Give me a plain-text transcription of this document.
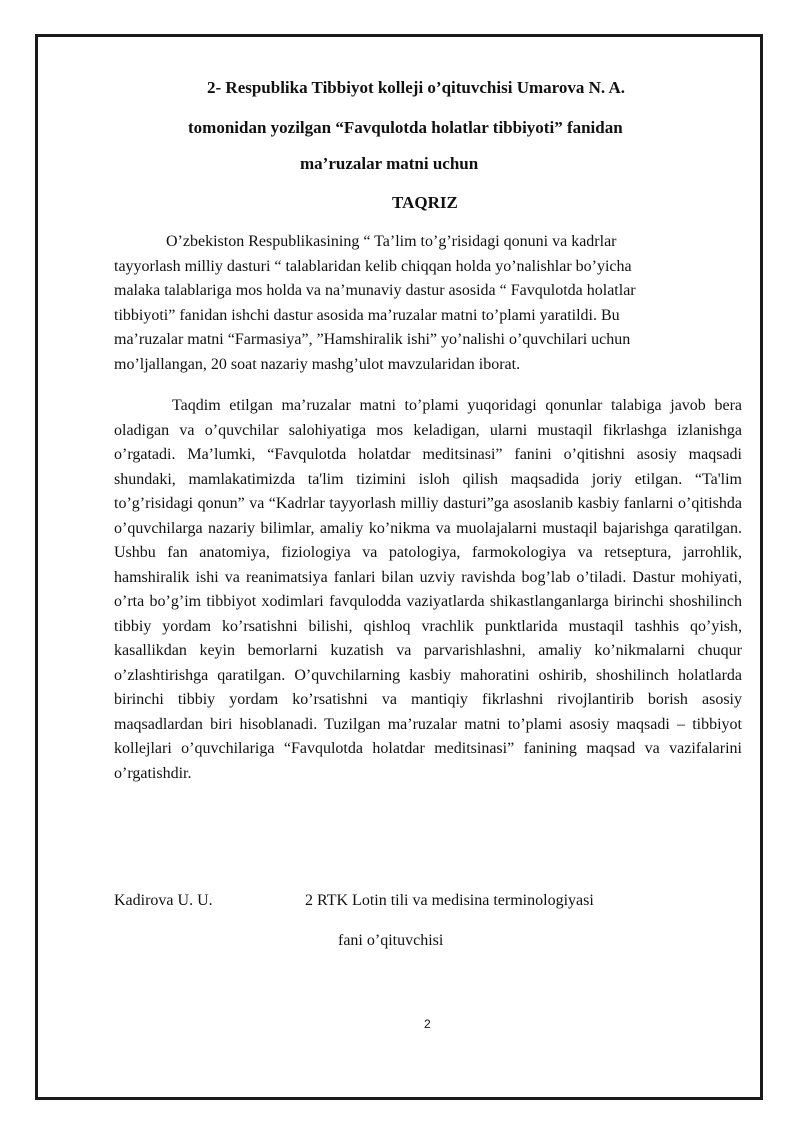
2- Respublika Tibbiyot kolleji o’qituvchisi Umarova N. A.
tomonidan yozilgan “Favqulotda holatlar tibbiyoti” fanidan
ma’ruzalar matni uchun
TAQRIZ
O’zbekiston Respublikasining “ Ta’lim to’g’risidagi qonuni va kadrlar
tayyorlash milliy dasturi “ talablaridan kelib chiqqan holda yo’nalishlar bo’yicha
malaka talablariga mos holda va na’munaviy dastur asosida “ Favqulotda holatlar
tibbiyoti” fanidan ishchi dastur asosida ma’ruzalar matni to’plami yaratildi. Bu
ma’ruzalar matni “Farmasiya”, ”Hamshiralik ishi” yo’nalishi o’quvchilari uchun
mo’ljallangan, 20 soat nazariy mashg’ulot mavzularidan iborat.
Taqdim etilgan ma’ruzalar matni to’plami yuqoridagi qonunlar talabiga javob bera oladigan va o’quvchilar salohiyatiga mos keladigan, ularni mustaqil fikrlashga izlanishga o’rgatadi. Ma’lumki, “Favqulotda holatdar meditsinasi” fanini o’qitishni asosiy maqsadi shundaki, mamlakatimizda ta'lim tizimini isloh qilish maqsadida joriy etilgan. “Ta'lim to’g’risidagi qonun” va “Kadrlar tayyorlash milliy dasturi”ga asoslanib kasbiy fanlarni o’qitishda o’quvchilarga nazariy bilimlar, amaliy ko’nikma va muolajalarni mustaqil bajarishga qaratilgan. Ushbu fan anatomiya, fiziologiya va patologiya, farmokologiya va retseptura, jarrohlik, hamshiralik ishi va reanimatsiya fanlari bilan uzviy ravishda bog’lab o’tiladi. Dastur mohiyati, o’rta bo’g’im tibbiyot xodimlari favqulodda vaziyatlarda shikastlanganlarga birinchi shoshilinch tibbiy yordam ko’rsatishni bilishi, qishloq vrachlik punktlarida mustaqil tashhis qo’yish, kasallikdan keyin bemorlarni kuzatish va parvarishlashni, amaliy ko’nikmalarni chuqur o’zlashtirishga qaratilgan. O’quvchilarning kasbiy mahoratini oshirib, shoshilinch holatlarda birinchi tibbiy yordam ko’rsatishni va mantiqiy fikrlashni rivojlantirib borish asosiy maqsadlardan biri hisoblanadi. Tuzilgan ma’ruzalar matni to’plami asosiy maqsadi – tibbiyot kollejlari o’quvchilariga “Favqulotda holatdar meditsinasi” fanining maqsad va vazifalarini o’rgatishdir.
Kadirova U. U.	2 RTK Lotin tili va medisina terminologiyasi
fani o’qituvchisi
2
